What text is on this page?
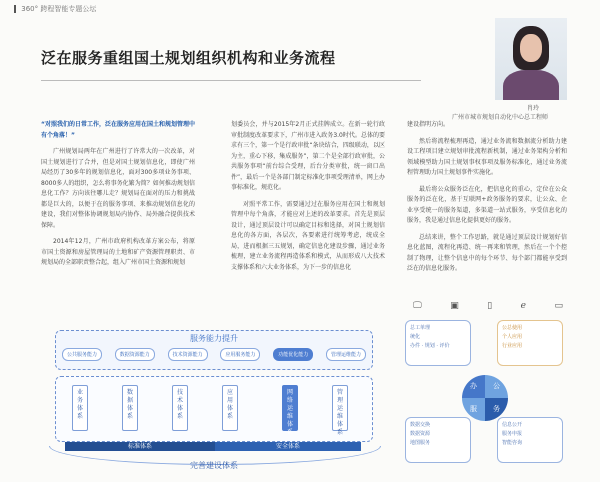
360° 跨程智能专题公坛
肖玲
广州市城市规划自动化中心总工程师
泛在服务重组国土规划组织机构和业务流程

“对照我们的日常工作，泛在服务应用在国土和规划管理中有个角落！”

广州规划局两年在广州进行了许常大的一次改革，对国土规划进行了合并，但是对国土规划信息化，即使广州局经历了30多年的规划信息化，面对300多项业务事项、8000多人的组织，怎么将事务化繁为简？如何推动规划信息化工作？方向该往哪儿走？规划局在面对的压力和挑战都是巨大的，以便于在的服务事项、来推动规划信息化的建设，我们对整体协调规划局内协作、局外融合提供技术保障。

2014年12月，广州市政府机构改革方案公布，将原市国土资源和房屋管理局的土地和矿产资源管理职责、市规划局的全部职责整合起，组入广州市国土资源和规划

划委员会，并与2015年2月正式挂牌成立。在新一轮行政审批制度改革要求下，广州市进入政务3.0时代。总体的要求有三个，第一个是行政审批“条块结合，四级联动，以区为主，重心下移，集成服务”，第二个是全部行政审批，公共服务事项“前台综合受理，后台分类审批，统一窗口出件”，最后一个是各部门制定标准化事项受理清单，网上办事标准化，规范化。

对照平常工作，需要通过过在服务应用在国土和规划管理中每个角落，才能应对上述的改革要求。首先是顶层设计，通过顶层设计可以确定目标和选择，对国土规划信息化的各方面，各层次，各要素进行统筹考虑，统成全局，进而根据三五规划，确定信息化建设步骤，通过业务梳理，建立业务流程再造体系和模式，从而形成八大技术支撑体系和六大业务体系，为下一步的信息化

建设指明方向。

然后将流程梳理再造，通过业务流和数据流分析助力建设工程项目建立规划审批流程新机制，通过业务架构分析和领域模型助力国土规划事权事项及服务标准化，通过业务流程管理助力国土规划事件实施化。

最后将公众服务泛在化，把信息化的重心，定位在公众服务的泛在化，基于互联网+政务服务的要求，让公众、企业享受统一的服务渠道，多渠道一站式服务，享受信息化的服务，我是通过信息化提供更好的服务。

总结来讲，整个工作思路，就是通过顶层设计规划好信息化蓝图，流程化再造、统一再来和管理，然后在一个个控制了物理，让整个信息中的每个环节、每个部门都能享受到泛在的信息化服务。

服务能力提升
公共服务能力	数据资源能力	技术资源能力	应用服务能力	功能优化能力	管理运维能力
业务体系
数据体系
技术体系
应用体系
网络运维体系
管理运维体系
标准体系	安全体系
完善建设体系
🖵	▣	▯	ℯ	▭
总工单理
统化
办件 · 规划 · 评价
公总使用
个人应用
行业应用
数据交换
数据资源
地图服务
信息公开
服务申报
智能咨询
办	公
服	务
